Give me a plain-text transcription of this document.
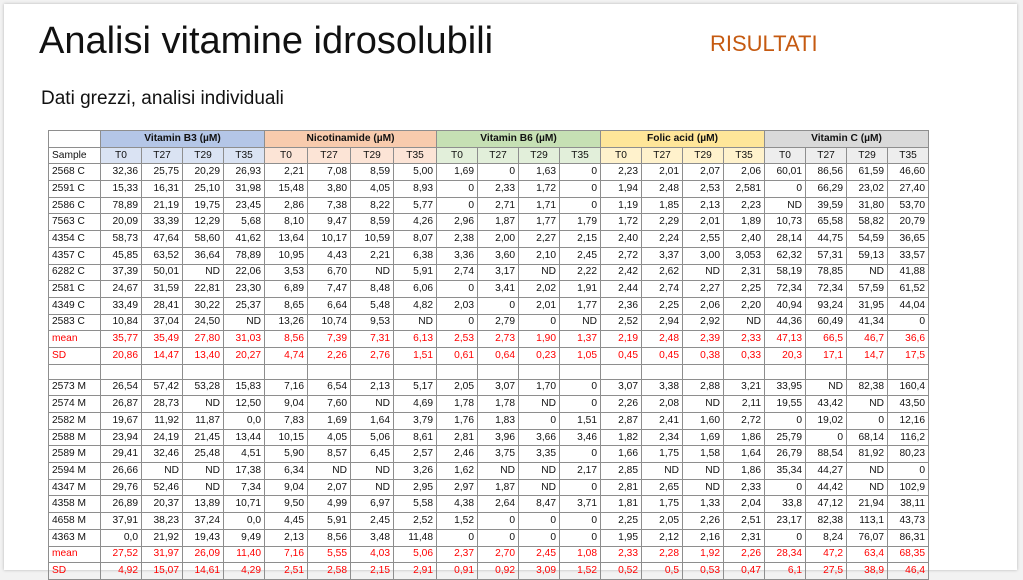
Analisi vitamine idrosolubili	RISULTATI
Dati grezzi, analisi individuali
	Vitamin B3 (µM)				Nicotinamide (µM)				Vitamin B6 (µM)				Folic acid (µM)				Vitamin C (µM)			
Sample	T0	T27	T29	T35	T0	T27	T29	T35	T0	T27	T29	T35	T0	T27	T29	T35	T0	T27	T29	T35
2568 C	32,36	25,75	20,29	26,93	2,21	7,08	8,59	5,00	1,69	0	1,63	0	2,23	2,01	2,07	2,06	60,01	86,56	61,59	46,60
2591 C	15,33	16,31	25,10	31,98	15,48	3,80	4,05	8,93	0	2,33	1,72	0	1,94	2,48	2,53	2,581	0	66,29	23,02	27,40
2586 C	78,89	21,19	19,75	23,45	2,86	7,38	8,22	5,77	0	2,71	1,71	0	1,19	1,85	2,13	2,23	ND	39,59	31,80	53,70
7563 C	20,09	33,39	12,29	5,68	8,10	9,47	8,59	4,26	2,96	1,87	1,77	1,79	1,72	2,29	2,01	1,89	10,73	65,58	58,82	20,79
4354 C	58,73	47,64	58,60	41,62	13,64	10,17	10,59	8,07	2,38	2,00	2,27	2,15	2,40	2,24	2,55	2,40	28,14	44,75	54,59	36,65
4357 C	45,85	63,52	36,64	78,89	10,95	4,43	2,21	6,38	3,36	3,60	2,10	2,45	2,72	3,37	3,00	3,053	62,32	57,31	59,13	33,57
6282 C	37,39	50,01	ND	22,06	3,53	6,70	ND	5,91	2,74	3,17	ND	2,22	2,42	2,62	ND	2,31	58,19	78,85	ND	41,88
2581 C	24,67	31,59	22,81	23,30	6,89	7,47	8,48	6,06	0	3,41	2,02	1,91	2,44	2,74	2,27	2,25	72,34	72,34	57,59	61,52
4349 C	33,49	28,41	30,22	25,37	8,65	6,64	5,48	4,82	2,03	0	2,01	1,77	2,36	2,25	2,06	2,20	40,94	93,24	31,95	44,04
2583 C	10,84	37,04	24,50	ND	13,26	10,74	9,53	ND	0	2,79	0	ND	2,52	2,94	2,92	ND	44,36	60,49	41,34	0
mean	35,77	35,49	27,80	31,03	8,56	7,39	7,31	6,13	2,53	2,73	1,90	1,37	2,19	2,48	2,39	2,33	47,13	66,5	46,7	36,6
SD	20,86	14,47	13,40	20,27	4,74	2,26	2,76	1,51	0,61	0,64	0,23	1,05	0,45	0,45	0,38	0,33	20,3	17,1	14,7	17,5

2573 M	26,54	57,42	53,28	15,83	7,16	6,54	2,13	5,17	2,05	3,07	1,70	0	3,07	3,38	2,88	3,21	33,95	ND	82,38	160,4
2574 M	26,87	28,73	ND	12,50	9,04	7,60	ND	4,69	1,78	1,78	ND	0	2,26	2,08	ND	2,11	19,55	43,42	ND	43,50
2582 M	19,67	11,92	11,87	0,0	7,83	1,69	1,64	3,79	1,76	1,83	0	1,51	2,87	2,41	1,60	2,72	0	19,02	0	12,16
2588 M	23,94	24,19	21,45	13,44	10,15	4,05	5,06	8,61	2,81	3,96	3,66	3,46	1,82	2,34	1,69	1,86	25,79	0	68,14	116,2
2589 M	29,41	32,46	25,48	4,51	5,90	8,57	6,45	2,57	2,46	3,75	3,35	0	1,66	1,75	1,58	1,64	26,79	88,54	81,92	80,23
2594 M	26,66	ND	ND	17,38	6,34	ND	ND	3,26	1,62	ND	ND	2,17	2,85	ND	ND	1,86	35,34	44,27	ND	0
4347 M	29,76	52,46	ND	7,34	9,04	2,07	ND	2,95	2,97	1,87	ND	0	2,81	2,65	ND	2,33	0	44,42	ND	102,9
4358 M	26,89	20,37	13,89	10,71	9,50	4,99	6,97	5,58	4,38	2,64	8,47	3,71	1,81	1,75	1,33	2,04	33,8	47,12	21,94	38,11
4658 M	37,91	38,23	37,24	0,0	4,45	5,91	2,45	2,52	1,52	0	0	0	2,25	2,05	2,26	2,51	23,17	82,38	113,1	43,73
4363 M	0,0	21,92	19,43	9,49	2,13	8,56	3,48	11,48	0	0	0	0	1,95	2,12	2,16	2,31	0	8,24	76,07	86,31
mean	27,52	31,97	26,09	11,40	7,16	5,55	4,03	5,06	2,37	2,70	2,45	1,08	2,33	2,28	1,92	2,26	28,34	47,2	63,4	68,35
SD	4,92	15,07	14,61	4,29	2,51	2,58	2,15	2,91	0,91	0,92	3,09	1,52	0,52	0,5	0,53	0,47	6,1	27,5	38,9	46,4
